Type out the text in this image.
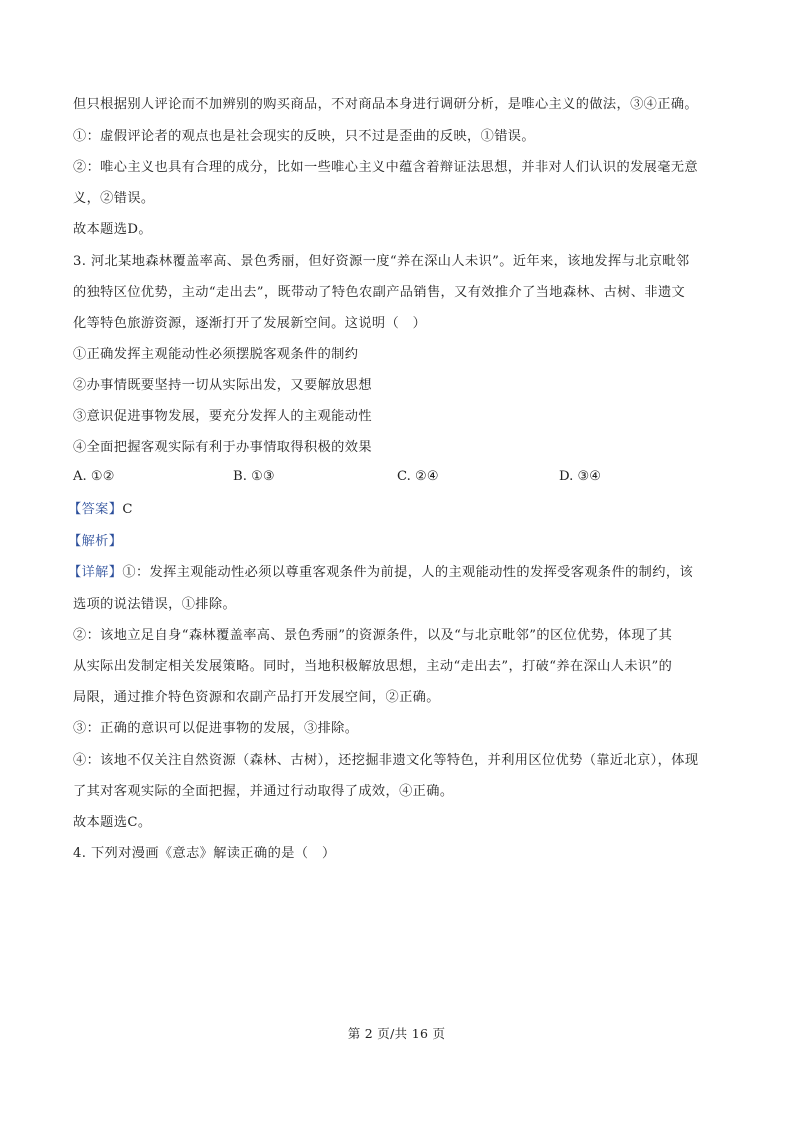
但只根据别人评论而不加辨别的购买商品，不对商品本身进行调研分析，是唯心主义的做法，③④正确。
①：虚假评论者的观点也是社会现实的反映，只不过是歪曲的反映，①错误。
②：唯心主义也具有合理的成分，比如一些唯心主义中蕴含着辩证法思想，并非对人们认识的发展毫无意
义，②错误。
故本题选D。
3. 河北某地森林覆盖率高、景色秀丽，但好资源一度“养在深山人未识”。近年来，该地发挥与北京毗邻
的独特区位优势，主动“走出去”，既带动了特色农副产品销售，又有效推介了当地森林、古树、非遗文
化等特色旅游资源，逐渐打开了发展新空间。这说明（　）
①正确发挥主观能动性必须摆脱客观条件的制约
②办事情既要坚持一切从实际出发，又要解放思想
③意识促进事物发展，要充分发挥人的主观能动性
④全面把握客观实际有利于办事情取得积极的效果
A. ①②	B. ①③	C. ②④	D. ③④
【答案】C
【解析】
【详解】①：发挥主观能动性必须以尊重客观条件为前提，人的主观能动性的发挥受客观条件的制约，该
选项的说法错误，①排除。
②：该地立足自身“森林覆盖率高、景色秀丽”的资源条件，以及“与北京毗邻”的区位优势，体现了其
从实际出发制定相关发展策略。同时，当地积极解放思想，主动“走出去”，打破“养在深山人未识”的
局限，通过推介特色资源和农副产品打开发展空间，②正确。
③：正确的意识可以促进事物的发展，③排除。
④：该地不仅关注自然资源（森林、古树），还挖掘非遗文化等特色，并利用区位优势（靠近北京），体现
了其对客观实际的全面把握，并通过行动取得了成效，④正确。
故本题选C。
4. 下列对漫画《意志》解读正确的是（　）
第 2 页/共 16 页
